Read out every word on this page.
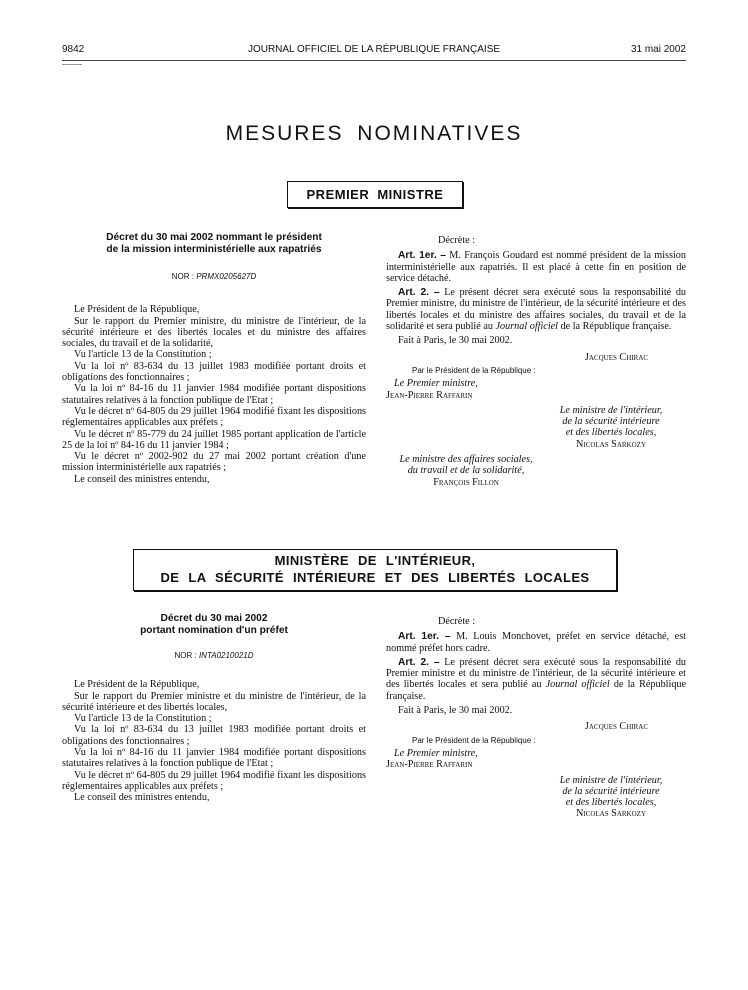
9842	JOURNAL OFFICIEL DE LA RÉPUBLIQUE FRANÇAISE	31 mai 2002
MESURES NOMINATIVES
PREMIER MINISTRE
Décret du 30 mai 2002 nommant le président
de la mission interministérielle aux rapatriés
NOR : PRMX0205627D

Le Président de la République,

Sur le rapport du Premier ministre, du ministre de l'intérieur, de la sécurité intérieure et des libertés locales et du ministre des affaires sociales, du travail et de la solidarité,

Vu l'article 13 de la Constitution ;

Vu la loi nº 83-634 du 13 juillet 1983 modifiée portant droits et obligations des fonctionnaires ;

Vu la loi nº 84-16 du 11 janvier 1984 modifiée portant dispositions statutaires relatives à la fonction publique de l'Etat ;

Vu le décret nº 64-805 du 29 juillet 1964 modifié fixant les dispositions réglementaires applicables aux préfets ;

Vu le décret nº 85-779 du 24 juillet 1985 portant application de l'article 25 de la loi nº 84-16 du 11 janvier 1984 ;

Vu le décret nº 2002-902 du 27 mai 2002 portant création d'une mission interministérielle aux rapatriés ;

Le conseil des ministres entendu,

Décrète :

Art. 1er. – M. François Goudard est nommé président de la mission interministérielle aux rapatriés. Il est placé à cette fin en position de service détaché.

Art. 2. – Le présent décret sera exécuté sous la responsabilité du Premier ministre, du ministre de l'intérieur, de la sécurité intérieure et des libertés locales et du ministre des affaires sociales, du travail et de la solidarité et sera publié au Journal officiel de la République française.

Fait à Paris, le 30 mai 2002.

Jacques Chirac

Par le Président de la République :

Le Premier ministre,

Jean-Pierre Raffarin

Le ministre de l'intérieur,

de la sécurité intérieure

et des libertés locales,

Nicolas Sarkozy

Le ministre des affaires sociales,

du travail et de la solidarité,

François Fillon

MINISTÈRE DE L'INTÉRIEUR,
DE LA SÉCURITÉ INTÉRIEURE ET DES LIBERTÉS LOCALES
Décret du 30 mai 2002
portant nomination d'un préfet
NOR : INTA0210021D

Le Président de la République,

Sur le rapport du Premier ministre et du ministre de l'intérieur, de la sécurité intérieure et des libertés locales,

Vu l'article 13 de la Constitution ;

Vu la loi nº 83-634 du 13 juillet 1983 modifiée portant droits et obligations des fonctionnaires ;

Vu la loi nº 84-16 du 11 janvier 1984 modifiée portant dispositions statutaires relatives à la fonction publique de l'Etat ;

Vu le décret nº 64-805 du 29 juillet 1964 modifié fixant les dispositions réglementaires applicables aux préfets ;

Le conseil des ministres entendu,

Décrète :

Art. 1er. – M. Louis Monchovet, préfet en service détaché, est nommé préfet hors cadre.

Art. 2. – Le présent décret sera exécuté sous la responsabilité du Premier ministre et du ministre de l'intérieur, de la sécurité intérieure et des libertés locales et sera publié au Journal officiel de la République française.

Fait à Paris, le 30 mai 2002.

Jacques Chirac

Par le Président de la République :

Le Premier ministre,

Jean-Pierre Raffarin

Le ministre de l'intérieur,

de la sécurité intérieure

et des libertés locales,

Nicolas Sarkozy
